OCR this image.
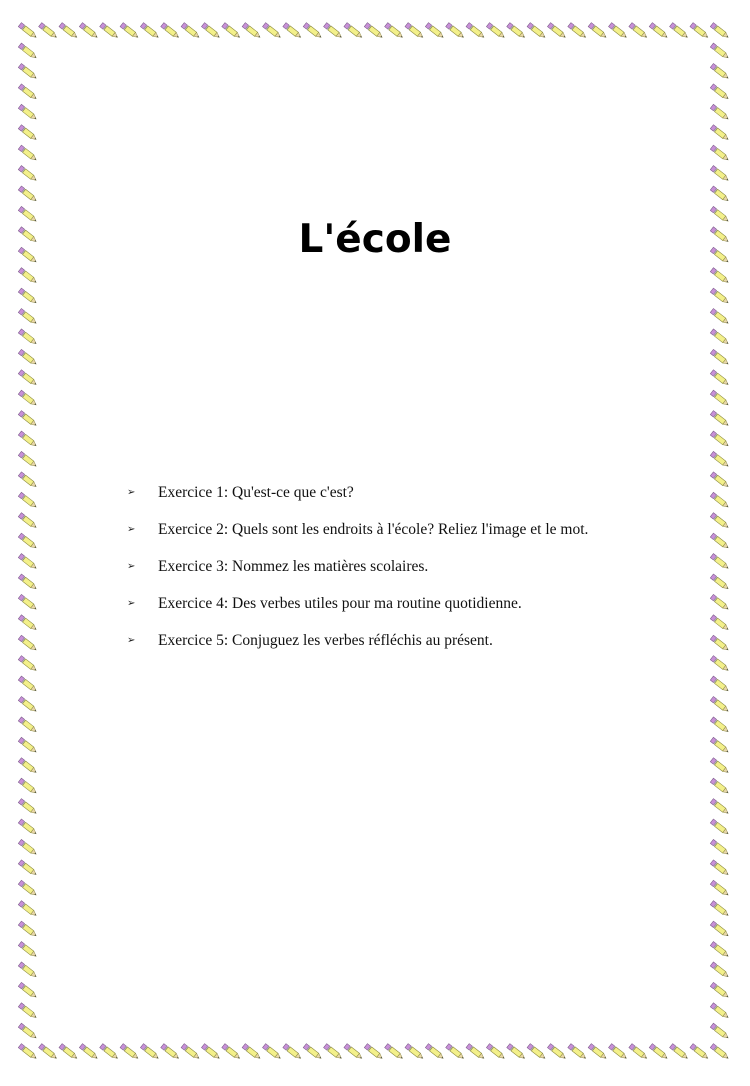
L'école
➢	Exercice 1: Qu'est-ce que c'est?
➢	Exercice 2: Quels sont les endroits à l'école? Reliez l'image et le mot.
➢	Exercice 3: Nommez les matières scolaires.
➢	Exercice 4: Des verbes utiles pour ma routine quotidienne.
➢	Exercice 5: Conjuguez les verbes réfléchis au présent.
